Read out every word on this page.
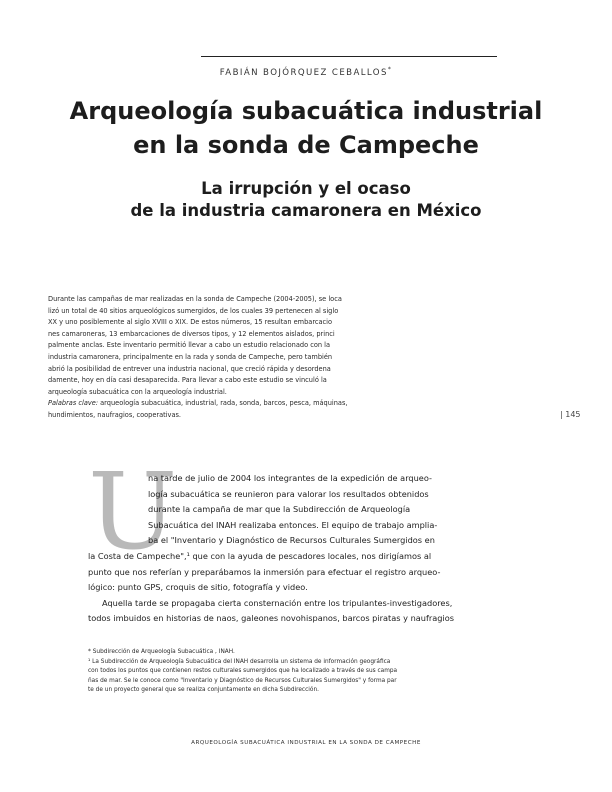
FABIÁN BOJÓRQUEZ CEBALLOS*
Arqueología subacuática industrial
en la sonda de Campeche
La irrupción y el ocaso
de la industria camaronera en México
Durante las campañas de mar realizadas en la sonda de Campeche (2004-2005), se loca
lizó un total de 40 sitios arqueológicos sumergidos, de los cuales 39 pertenecen al siglo
XX y uno posiblemente al siglo XVIII o XIX. De estos números, 15 resultan embarcacio
nes camaroneras, 13 embarcaciones de diversos tipos, y 12 elementos aislados, princi
palmente anclas. Este inventario permitió llevar a cabo un estudio relacionado con la
industria camaronera, principalmente en la rada y sonda de Campeche, pero también
abrió la posibilidad de entrever una industria nacional, que creció rápida y desordena
damente, hoy en día casi desaparecida. Para llevar a cabo este estudio se vinculó la
arqueología subacuática con la arqueología industrial.
Palabras clave: arqueología subacuática, industrial, rada, sonda, barcos, pesca, máquinas,
hundimientos, naufragios, cooperativas.	| 145
U
na tarde de julio de 2004 los integrantes de la expedición de arqueo-
logía subacuática se reunieron para valorar los resultados obtenidos
durante la campaña de mar que la Subdirección de Arqueología
Subacuática del INAH realizaba entonces. El equipo de trabajo amplia-
ba el "Inventario y Diagnóstico de Recursos Culturales Sumergidos en
la Costa de Campeche",¹ que con la ayuda de pescadores locales, nos dirigíamos al
punto que nos referían y preparábamos la inmersión para efectuar el registro arqueo-
lógico: punto GPS, croquis de sitio, fotografía y video.
Aquella tarde se propagaba cierta consternación entre los tripulantes-investigadores,
todos imbuidos en historias de naos, galeones novohispanos, barcos piratas y naufragios
* Subdirección de Arqueología Subacuática , INAH.
¹ La Subdirección de Arqueología Subacuática del INAH desarrolla un sistema de información geográfica
con todos los puntos que contienen restos culturales sumergidos que ha localizado a través de sus campa
ñas de mar. Se le conoce como "Inventario y Diagnóstico de Recursos Culturales Sumergidos" y forma par
te de un proyecto general que se realiza conjuntamente en dicha Subdirección.
ARQUEOLOGÍA SUBACUÁTICA INDUSTRIAL EN LA SONDA DE CAMPECHE
